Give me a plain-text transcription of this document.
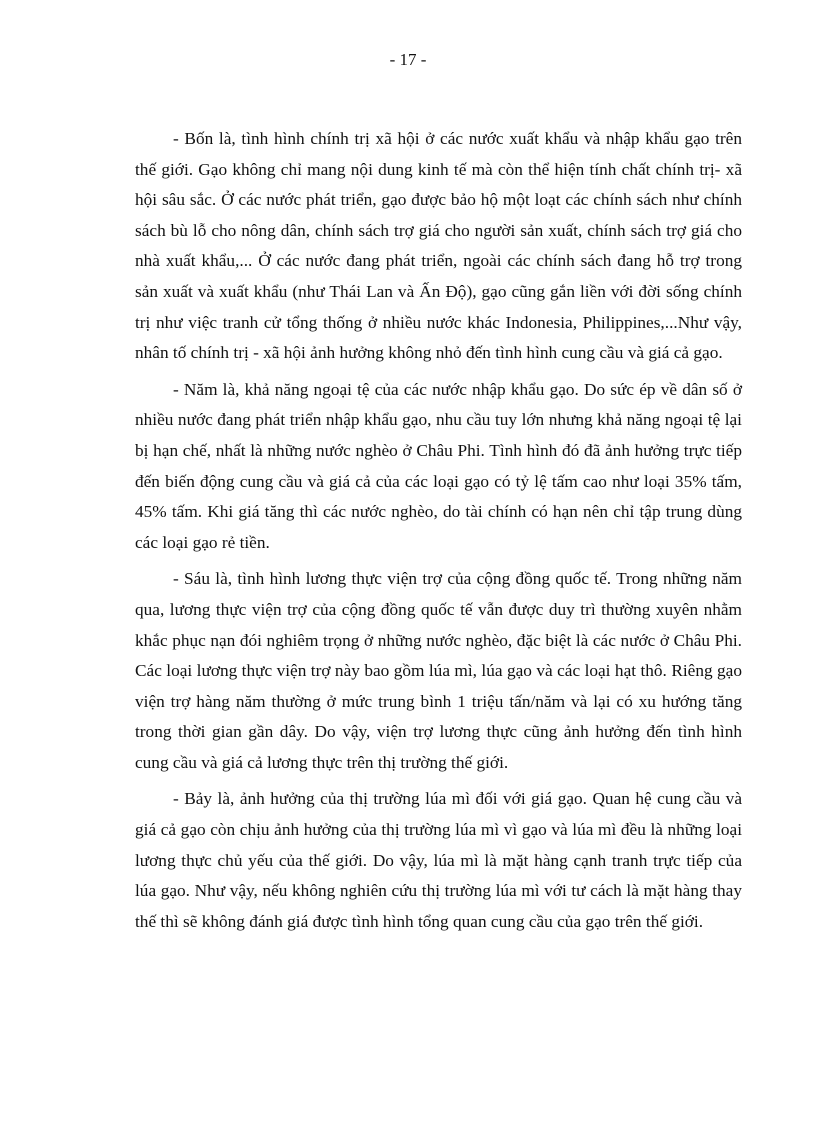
- 17 -

- Bốn là, tình hình chính trị xã hội ở các nước xuất khẩu và nhập khẩu gạo trên thế giới. Gạo không chỉ mang nội dung kinh tế mà còn thể hiện tính chất chính trị- xã hội sâu sắc. Ở các nước phát triển, gạo được bảo hộ một loạt các chính sách như chính sách bù lỗ cho nông dân, chính sách trợ giá cho người sản xuất, chính sách trợ giá cho nhà xuất khẩu,... Ở các nước đang phát triển, ngoài các chính sách đang hỗ trợ trong sản xuất và xuất khẩu (như Thái Lan và Ấn Độ), gạo cũng gắn liền với đời sống chính trị như việc tranh cử tổng thống ở nhiều nước khác Indonesia, Philippines,...Như vậy, nhân tố chính trị - xã hội ảnh hưởng không nhỏ đến tình hình cung cầu và giá cả gạo.

- Năm là, khả năng ngoại tệ của các nước nhập khẩu gạo. Do sức ép về dân số ở nhiều nước đang phát triển nhập khẩu gạo, nhu cầu tuy lớn nhưng khả năng ngoại tệ lại bị hạn chế, nhất là những nước nghèo ở Châu Phi. Tình hình đó đã ảnh hưởng trực tiếp đến biến động cung cầu và giá cả của các loại gạo có tỷ lệ tấm cao như loại 35% tấm, 45% tấm. Khi giá tăng thì các nước nghèo, do tài chính có hạn nên chỉ tập trung dùng các loại gạo rẻ tiền.

- Sáu là, tình hình lương thực viện trợ của cộng đồng quốc tế. Trong những năm qua, lương thực viện trợ của cộng đồng quốc tế vẫn được duy trì thường xuyên nhằm khắc phục nạn đói nghiêm trọng ở những nước nghèo, đặc biệt là các nước ở Châu Phi. Các loại lương thực viện trợ này bao gồm lúa mì, lúa gạo và các loại hạt thô. Riêng gạo viện trợ hàng năm thường ở mức trung bình 1 triệu tấn/năm và lại có xu hướng tăng trong thời gian gần dây. Do vậy, viện trợ lương thực cũng ảnh hưởng đến tình hình cung cầu và giá cả lương thực trên thị trường thế giới.

- Bảy là, ảnh hưởng của thị trường lúa mì đối với giá gạo. Quan hệ cung cầu và giá cả gạo còn chịu ảnh hưởng của thị trường lúa mì vì gạo và lúa mì đều là những loại lương thực chủ yếu của thế giới. Do vậy, lúa mì là mặt hàng cạnh tranh trực tiếp của lúa gạo. Như vậy, nếu không nghiên cứu thị trường lúa mì với tư cách là mặt hàng thay thế thì sẽ không đánh giá được tình hình tổng quan cung cầu của gạo trên thế giới.
